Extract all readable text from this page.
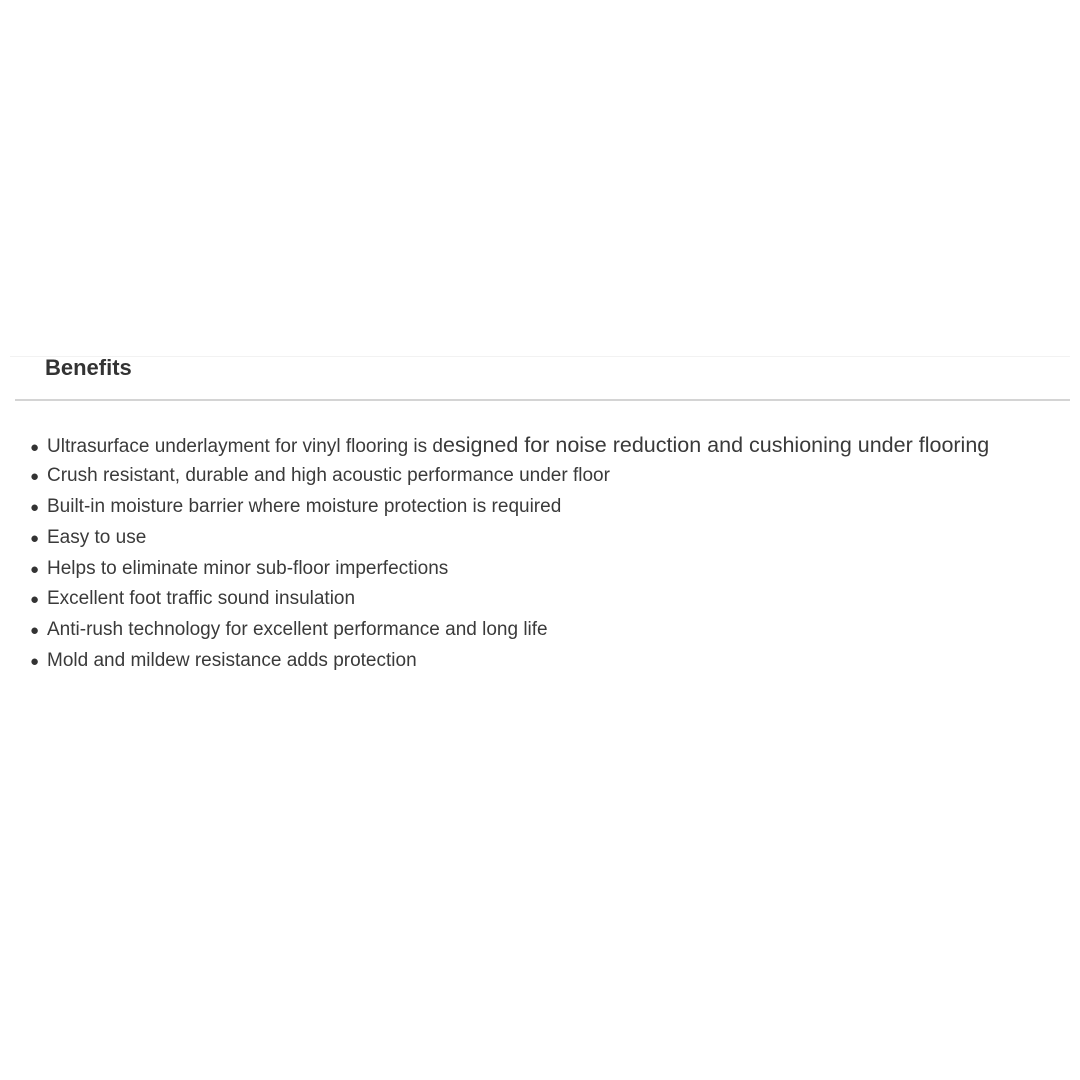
Benefits
● Ultrasurface underlayment for vinyl flooring is designed for noise reduction and cushioning under flooring
● Crush resistant, durable and high acoustic performance under floor
● Built-in moisture barrier where moisture protection is required
● Easy to use
● Helps to eliminate minor sub-floor imperfections
● Excellent foot traffic sound insulation
● Anti-rush technology for excellent performance and long life
● Mold and mildew resistance adds protection
